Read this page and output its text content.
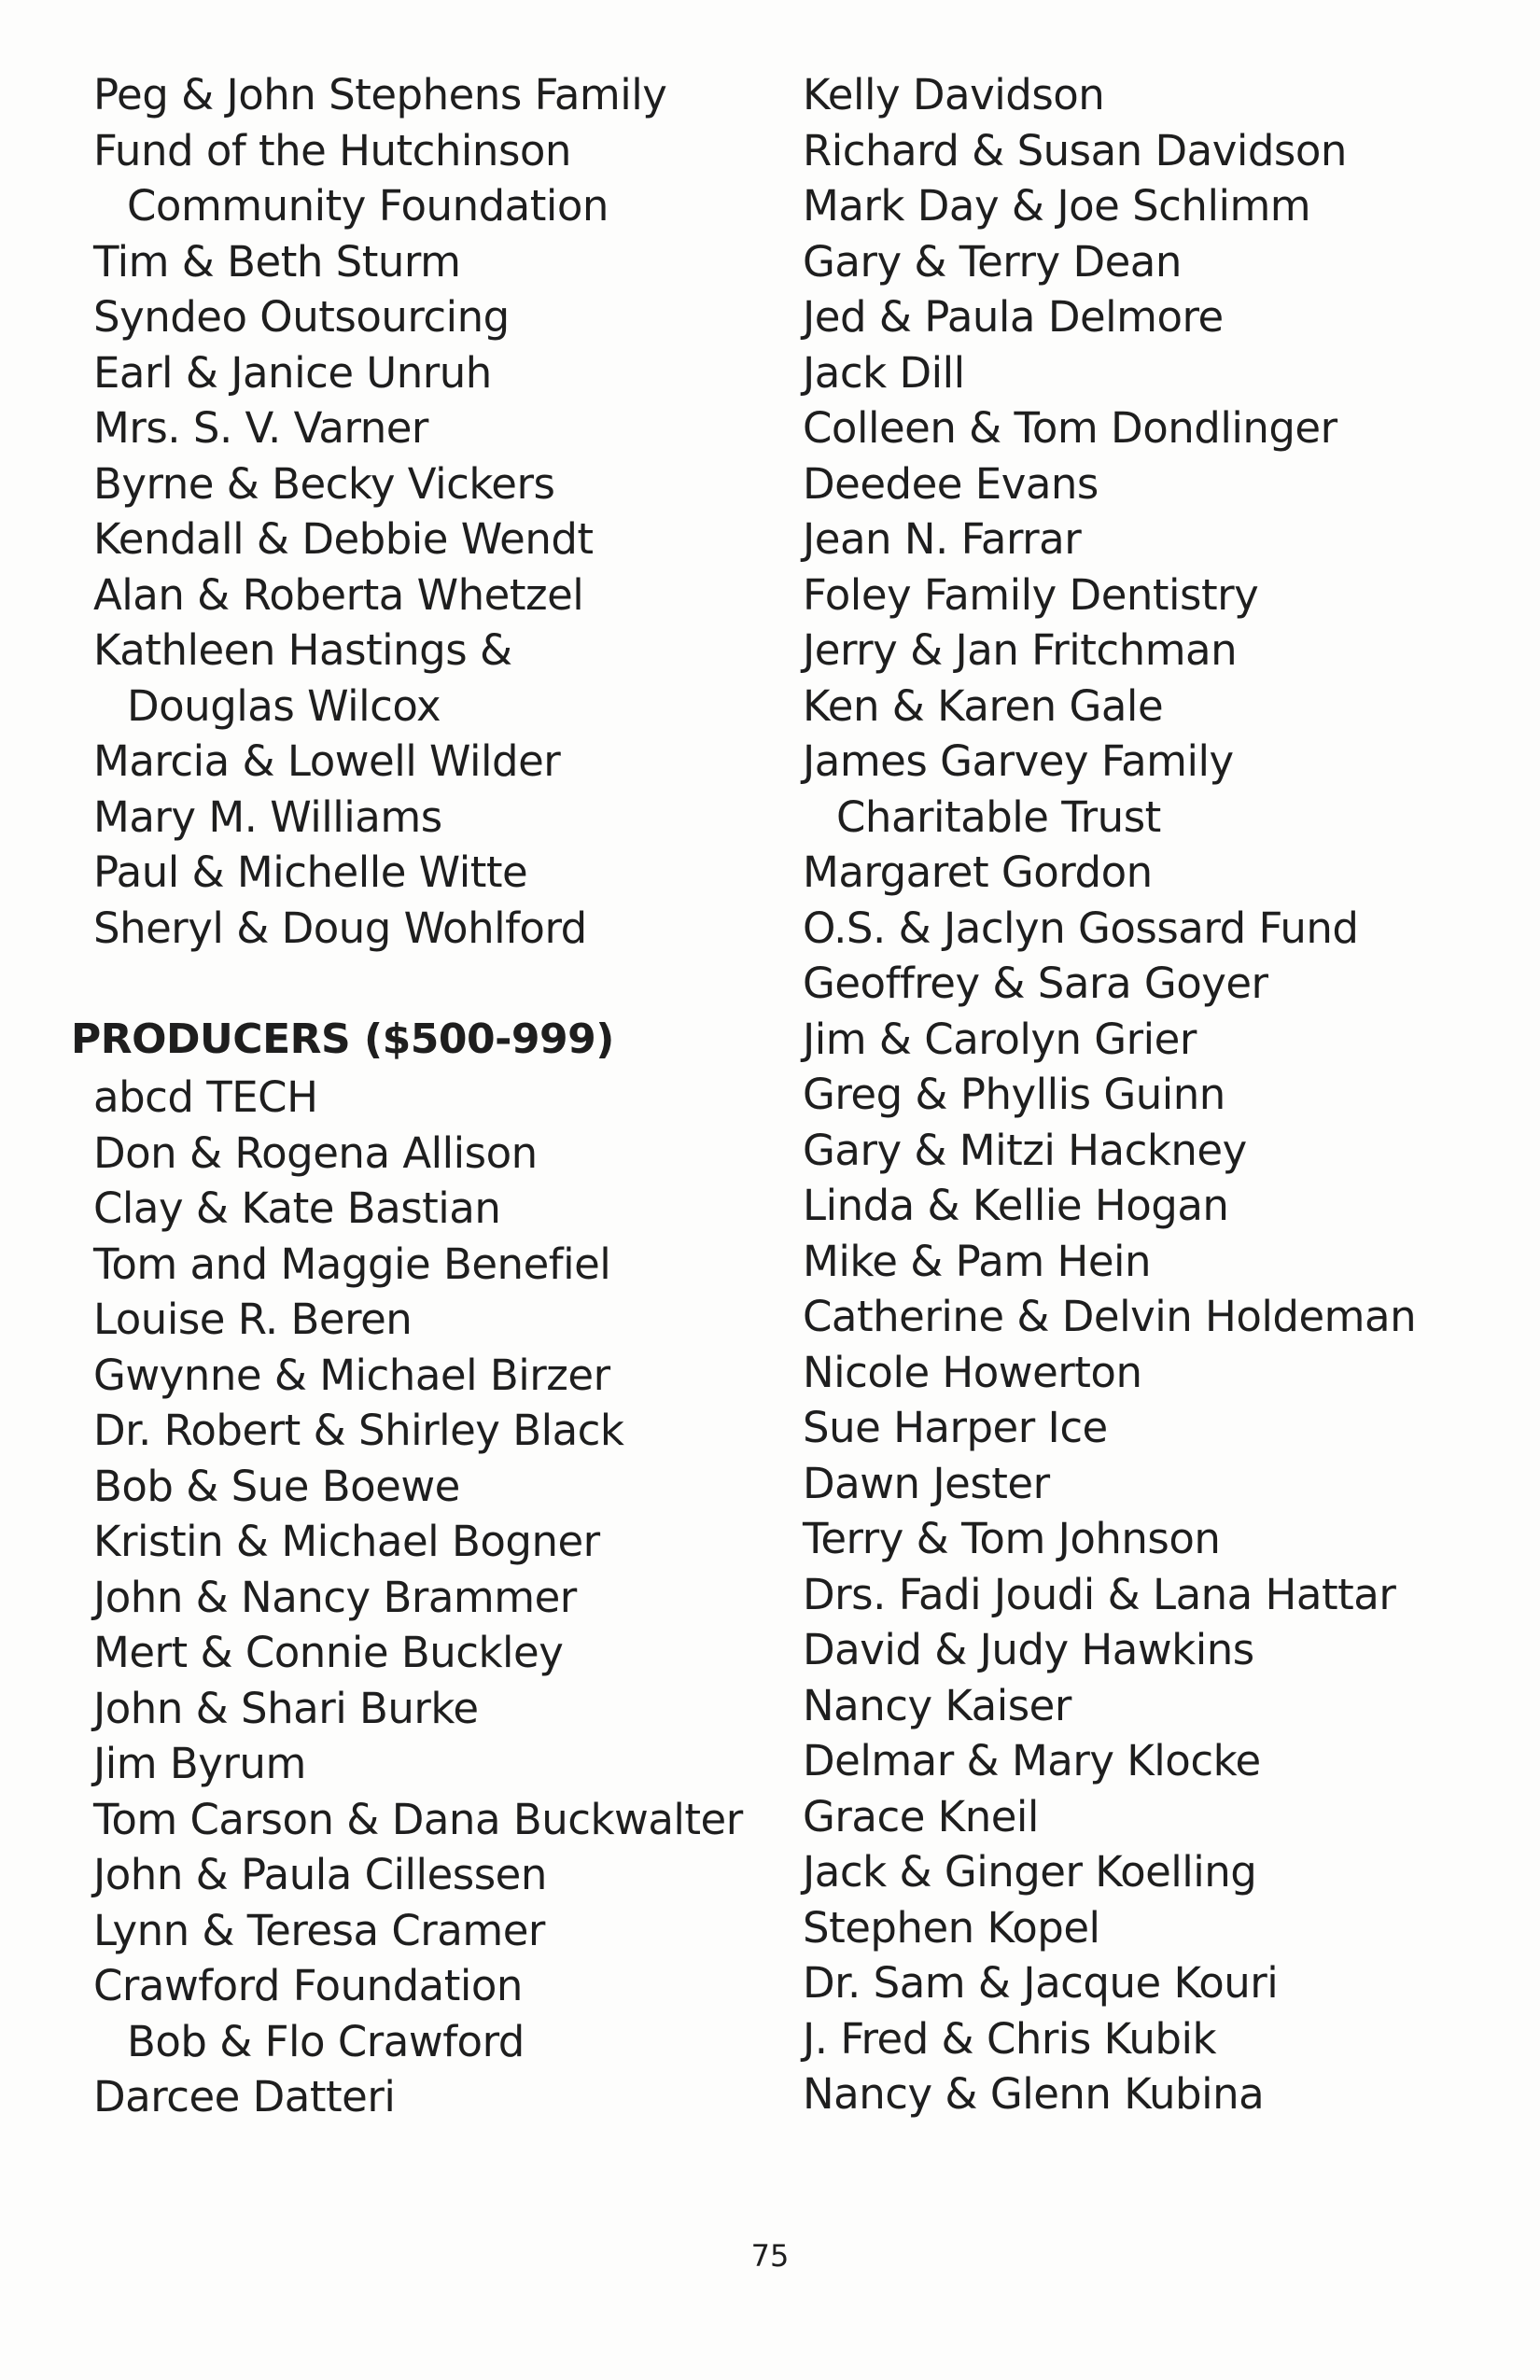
Peg & John Stephens Family
Fund of the Hutchinson
Community Foundation
Tim & Beth Sturm
Syndeo Outsourcing
Earl & Janice Unruh
Mrs. S. V. Varner
Byrne & Becky Vickers
Kendall & Debbie Wendt
Alan & Roberta Whetzel
Kathleen Hastings &
Douglas Wilcox
Marcia & Lowell Wilder
Mary M. Williams
Paul & Michelle Witte
Sheryl & Doug Wohlford
PRODUCERS ($500-999)
abcd TECH
Don & Rogena Allison
Clay & Kate Bastian
Tom and Maggie Benefiel
Louise R. Beren
Gwynne & Michael Birzer
Dr. Robert & Shirley Black
Bob & Sue Boewe
Kristin & Michael Bogner
John & Nancy Brammer
Mert & Connie Buckley
John & Shari Burke
Jim Byrum
Tom Carson & Dana Buckwalter
John & Paula Cillessen
Lynn & Teresa Cramer
Crawford Foundation
Bob & Flo Crawford
Darcee Datteri
Kelly Davidson
Richard & Susan Davidson
Mark Day & Joe Schlimm
Gary & Terry Dean
Jed & Paula Delmore
Jack Dill
Colleen & Tom Dondlinger
Deedee Evans
Jean N. Farrar
Foley Family Dentistry
Jerry & Jan Fritchman
Ken & Karen Gale
James Garvey Family
Charitable Trust
Margaret Gordon
O.S. & Jaclyn Gossard Fund
Geoffrey & Sara Goyer
Jim & Carolyn Grier
Greg & Phyllis Guinn
Gary & Mitzi Hackney
Linda & Kellie Hogan
Mike & Pam Hein
Catherine & Delvin Holdeman
Nicole Howerton
Sue Harper Ice
Dawn Jester
Terry & Tom Johnson
Drs. Fadi Joudi & Lana Hattar
David & Judy Hawkins
Nancy Kaiser
Delmar & Mary Klocke
Grace Kneil
Jack & Ginger Koelling
Stephen Kopel
Dr. Sam & Jacque Kouri
J. Fred & Chris Kubik
Nancy & Glenn Kubina
75
